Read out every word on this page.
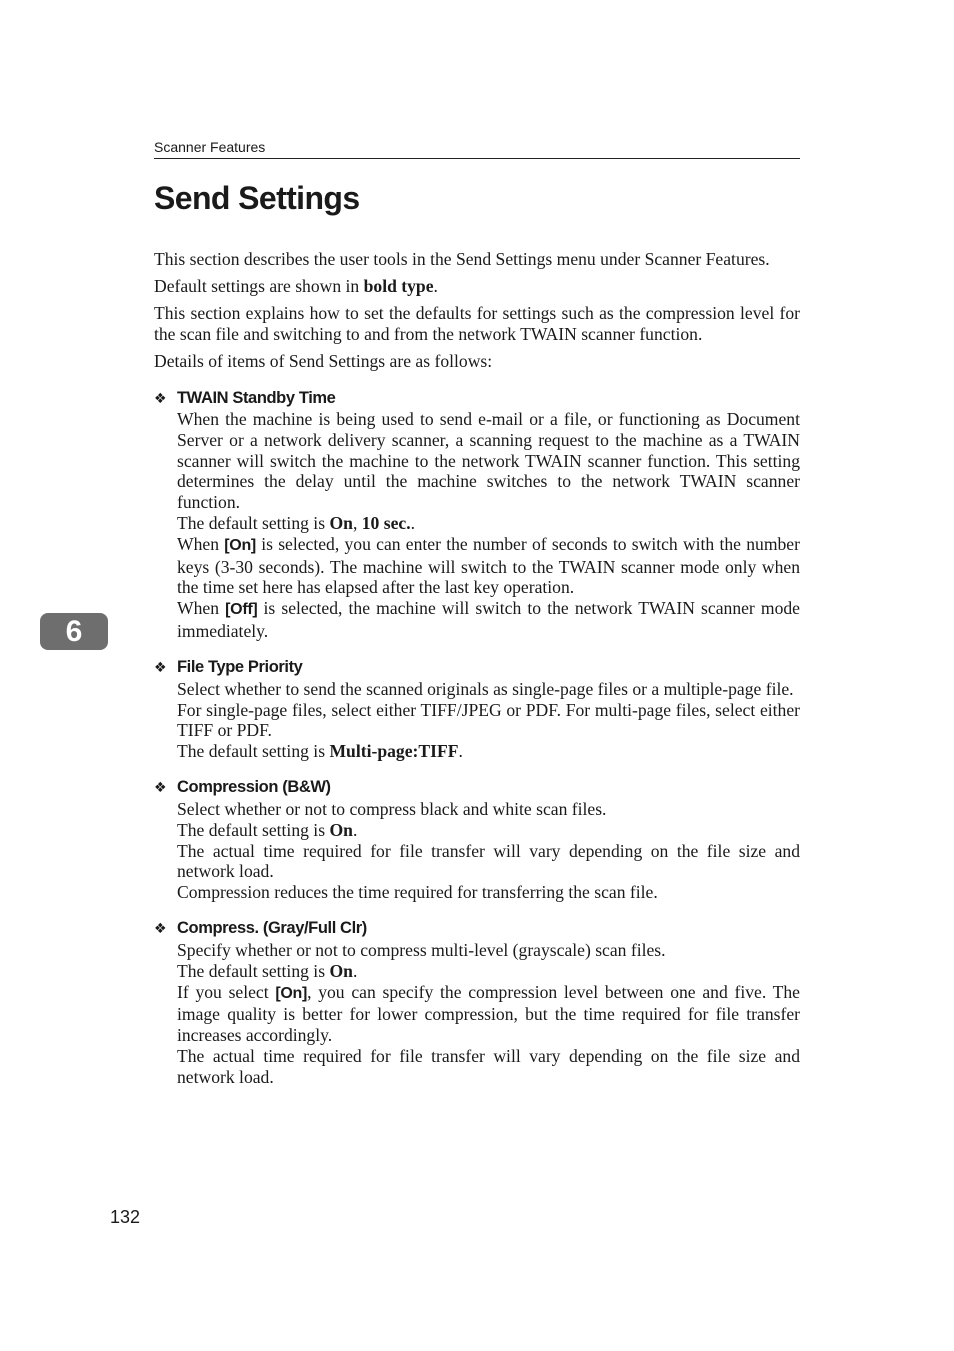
6
Scanner Features
Send Settings

This section describes the user tools in the Send Settings menu under Scanner Features.

Default settings are shown in bold type.

This section explains how to set the defaults for settings such as the compression level for the scan file and switching to and from the network TWAIN scanner function.

Details of items of Send Settings are as follows:

❖ TWAIN Standby Time

When the machine is being used to send e-mail or a file, or functioning as Document Server or a network delivery scanner, a scanning request to the machine as a TWAIN scanner will switch the machine to the network TWAIN scanner function. This setting determines the delay until the machine switches to the network TWAIN scanner function.

The default setting is On, 10 sec..

When [On] is selected, you can enter the number of seconds to switch with the number keys (3-30 seconds). The machine will switch to the TWAIN scanner mode only when the time set here has elapsed after the last key operation.

When [Off] is selected, the machine will switch to the network TWAIN scanner mode immediately.

❖ File Type Priority

Select whether to send the scanned originals as single-page files or a multiple-page file.

For single-page files, select either TIFF/JPEG or PDF. For multi-page files, select either TIFF or PDF.

The default setting is Multi-page:TIFF.

❖ Compression (B&W)

Select whether or not to compress black and white scan files.

The default setting is On.

The actual time required for file transfer will vary depending on the file size and network load.

Compression reduces the time required for transferring the scan file.

❖ Compress. (Gray/Full Clr)

Specify whether or not to compress multi-level (grayscale) scan files.

The default setting is On.

If you select [On], you can specify the compression level between one and five. The image quality is better for lower compression, but the time required for file transfer increases accordingly.

The actual time required for file transfer will vary depending on the file size and network load.

132
